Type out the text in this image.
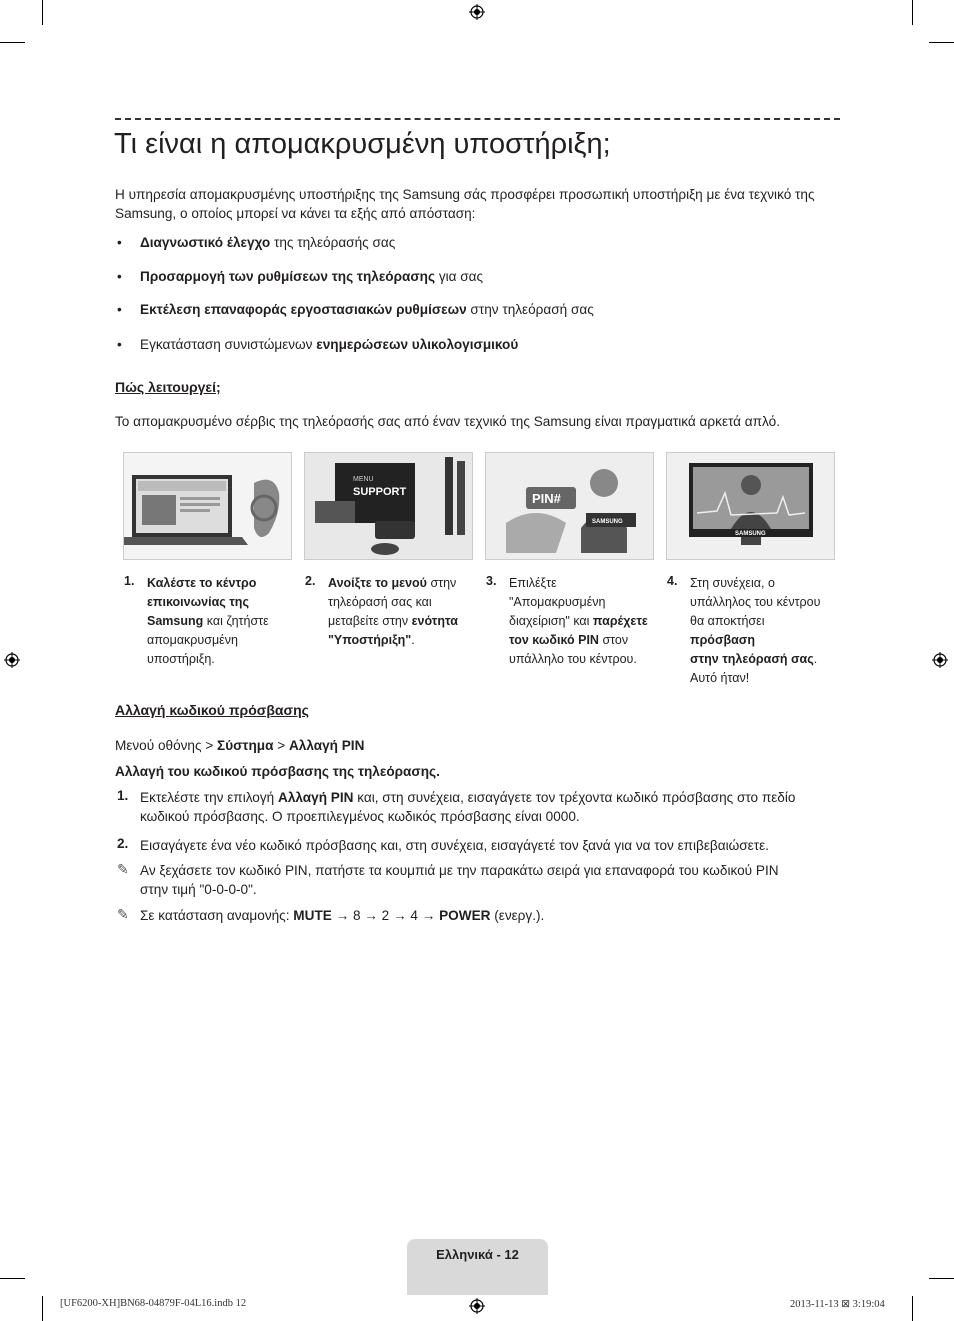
Τι είναι η απομακρυσμένη υποστήριξη;
Η υπηρεσία απομακρυσμένης υποστήριξης της Samsung σάς προσφέρει προσωπική υποστήριξη με ένα τεχνικό της
Samsung, ο οποίος μπορεί να κάνει τα εξής από απόσταση:
• Διαγνωστικό έλεγχο της τηλεόρασής σας
• Προσαρμογή των ρυθμίσεων της τηλεόρασης για σας
• Εκτέλεση επαναφοράς εργοστασιακών ρυθμίσεων στην τηλεόρασή σας
• Εγκατάσταση συνιστώμενων ενημερώσεων υλικολογισμικού
Πώς λειτουργεί;
Το απομακρυσμένο σέρβις της τηλεόρασής σας από έναν τεχνικό της Samsung είναι πραγματικά αρκετά απλό.
MENU
SUPPORT	PIN#
SAMSUNG
SAMSUNG
1. Καλέστε το κέντρο
επικοινωνίας της
Samsung και ζητήστε
απομακρυσμένη
υποστήριξη.
2. Ανοίξτε το μενού στην
τηλεόρασή σας και
μεταβείτε στην ενότητα
"Υποστήριξη".
3. Επιλέξτε
"Απομακρυσμένη
διαχείριση" και παρέχετε
τον κωδικό PIN στον
υπάλληλο του κέντρου.
4. Στη συνέχεια, ο
υπάλληλος του κέντρου
θα αποκτήσει πρόσβαση
στην τηλεόρασή σας.
Αυτό ήταν!
Αλλαγή κωδικού πρόσβασης
Μενού οθόνης > Σύστημα > Αλλαγή PIN
Αλλαγή του κωδικού πρόσβασης της τηλεόρασης.
1. Εκτελέστε την επιλογή Αλλαγή PIN και, στη συνέχεια, εισαγάγετε τον τρέχοντα κωδικό πρόσβασης στο πεδίο
κωδικού πρόσβασης. Ο προεπιλεγμένος κωδικός πρόσβασης είναι 0000.
2. Εισαγάγετε ένα νέο κωδικό πρόσβασης και, στη συνέχεια, εισαγάγετέ τον ξανά για να τον επιβεβαιώσετε.
✎ Αν ξεχάσετε τον κωδικό PIN, πατήστε τα κουμπιά με την παρακάτω σειρά για επαναφορά του κωδικού PIN
στην τιμή "0-0-0-0".
✎ Σε κατάσταση αναμονής: MUTE → 8 → 2 → 4 → POWER (ενεργ.).
Ελληνικά - 12
[UF6200-XH]BN68-04879F-04L16.indb 12	2013-11-13 ⊠ 3:19:04
